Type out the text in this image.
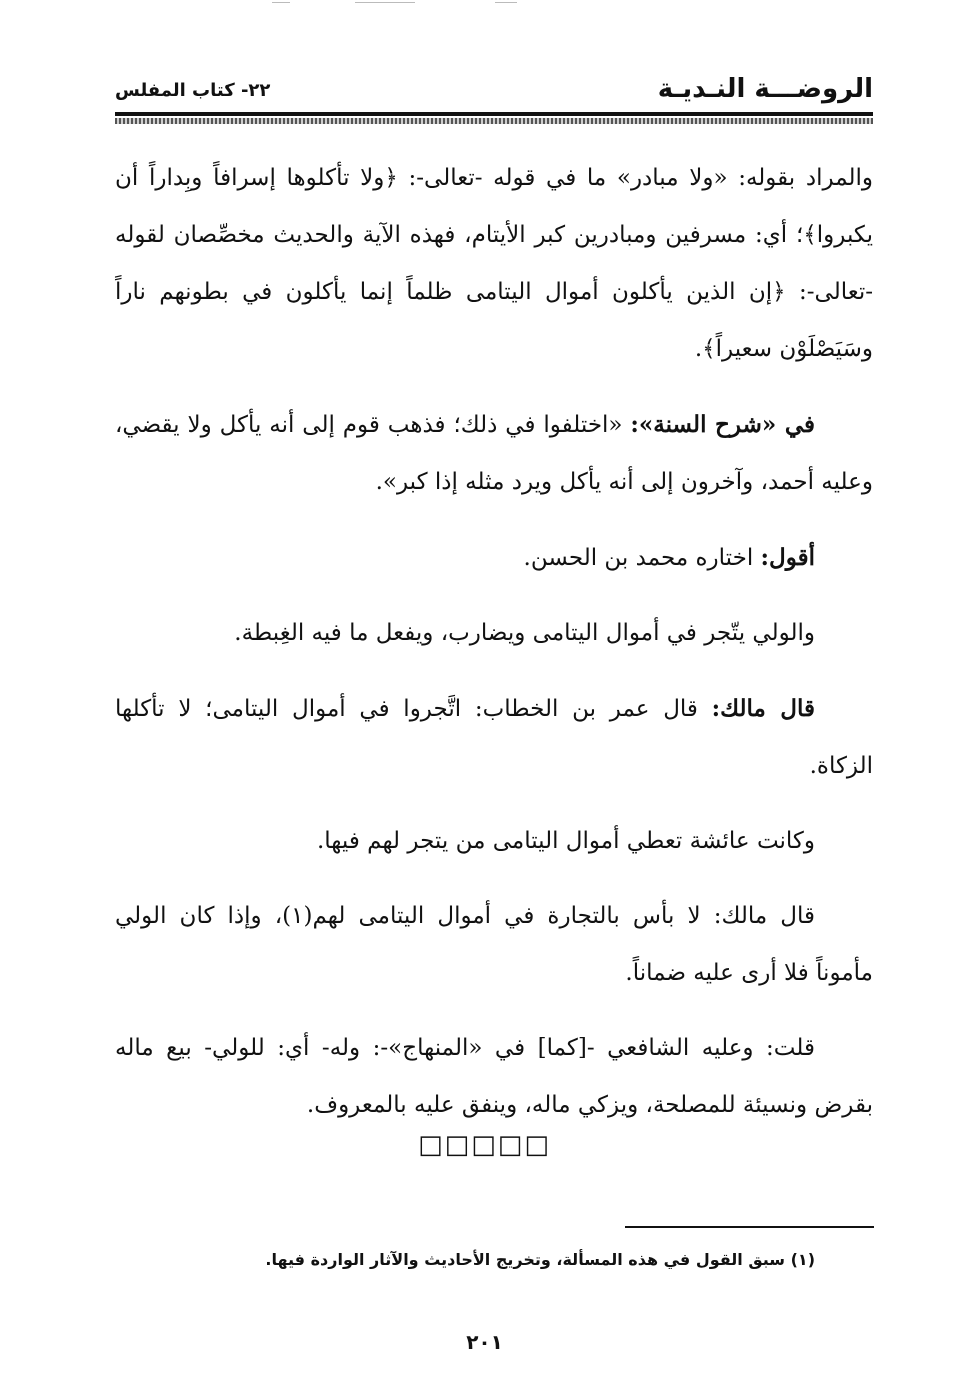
الروضـــة النـديـة
٢٢- كتاب المفلس

والمراد بقوله: «ولا مبادر» ما في قوله -تعالى-: ﴿ولا تأكلوها إسرافاً وبِداراً أن يكبروا﴾؛ أي: مسرفين ومبادرين كبر الأيتام، فهذه الآية والحديث مخصِّصان لقوله -تعالى-: ﴿إن الذين يأكلون أموال اليتامى ظلماً إنما يأكلون في بطونهم ناراً وسَيَصْلَوْن سعيراً﴾.

في «شرح السنة»: «اختلفوا في ذلك؛ فذهب قوم إلى أنه يأكل ولا يقضي، وعليه أحمد، وآخرون إلى أنه يأكل ويرد مثله إذا كبر».

أقول: اختاره محمد بن الحسن.

والولي يتّجر في أموال اليتامى ويضارب، ويفعل ما فيه الغِبطة.

قال مالك: قال عمر بن الخطاب: اتَّجروا في أموال اليتامى؛ لا تأكلها الزكاة.

وكانت عائشة تعطي أموال اليتامى من يتجر لهم فيها.

قال مالك: لا بأس بالتجارة في أموال اليتامى لهم(١)، وإذا كان الولي مأموناً فلا أرى عليه ضماناً.

قلت: وعليه الشافعي -[كما] في «المنهاج»-: وله- أي: للولي- بيع ماله بقرض ونسيئة للمصلحة، ويزكي ماله، وينفق عليه بالمعروف.

□□□□□
(١) سبق القول في هذه المسألة، وتخريج الأحاديث والآثار الواردة فيها.
٢٠١
